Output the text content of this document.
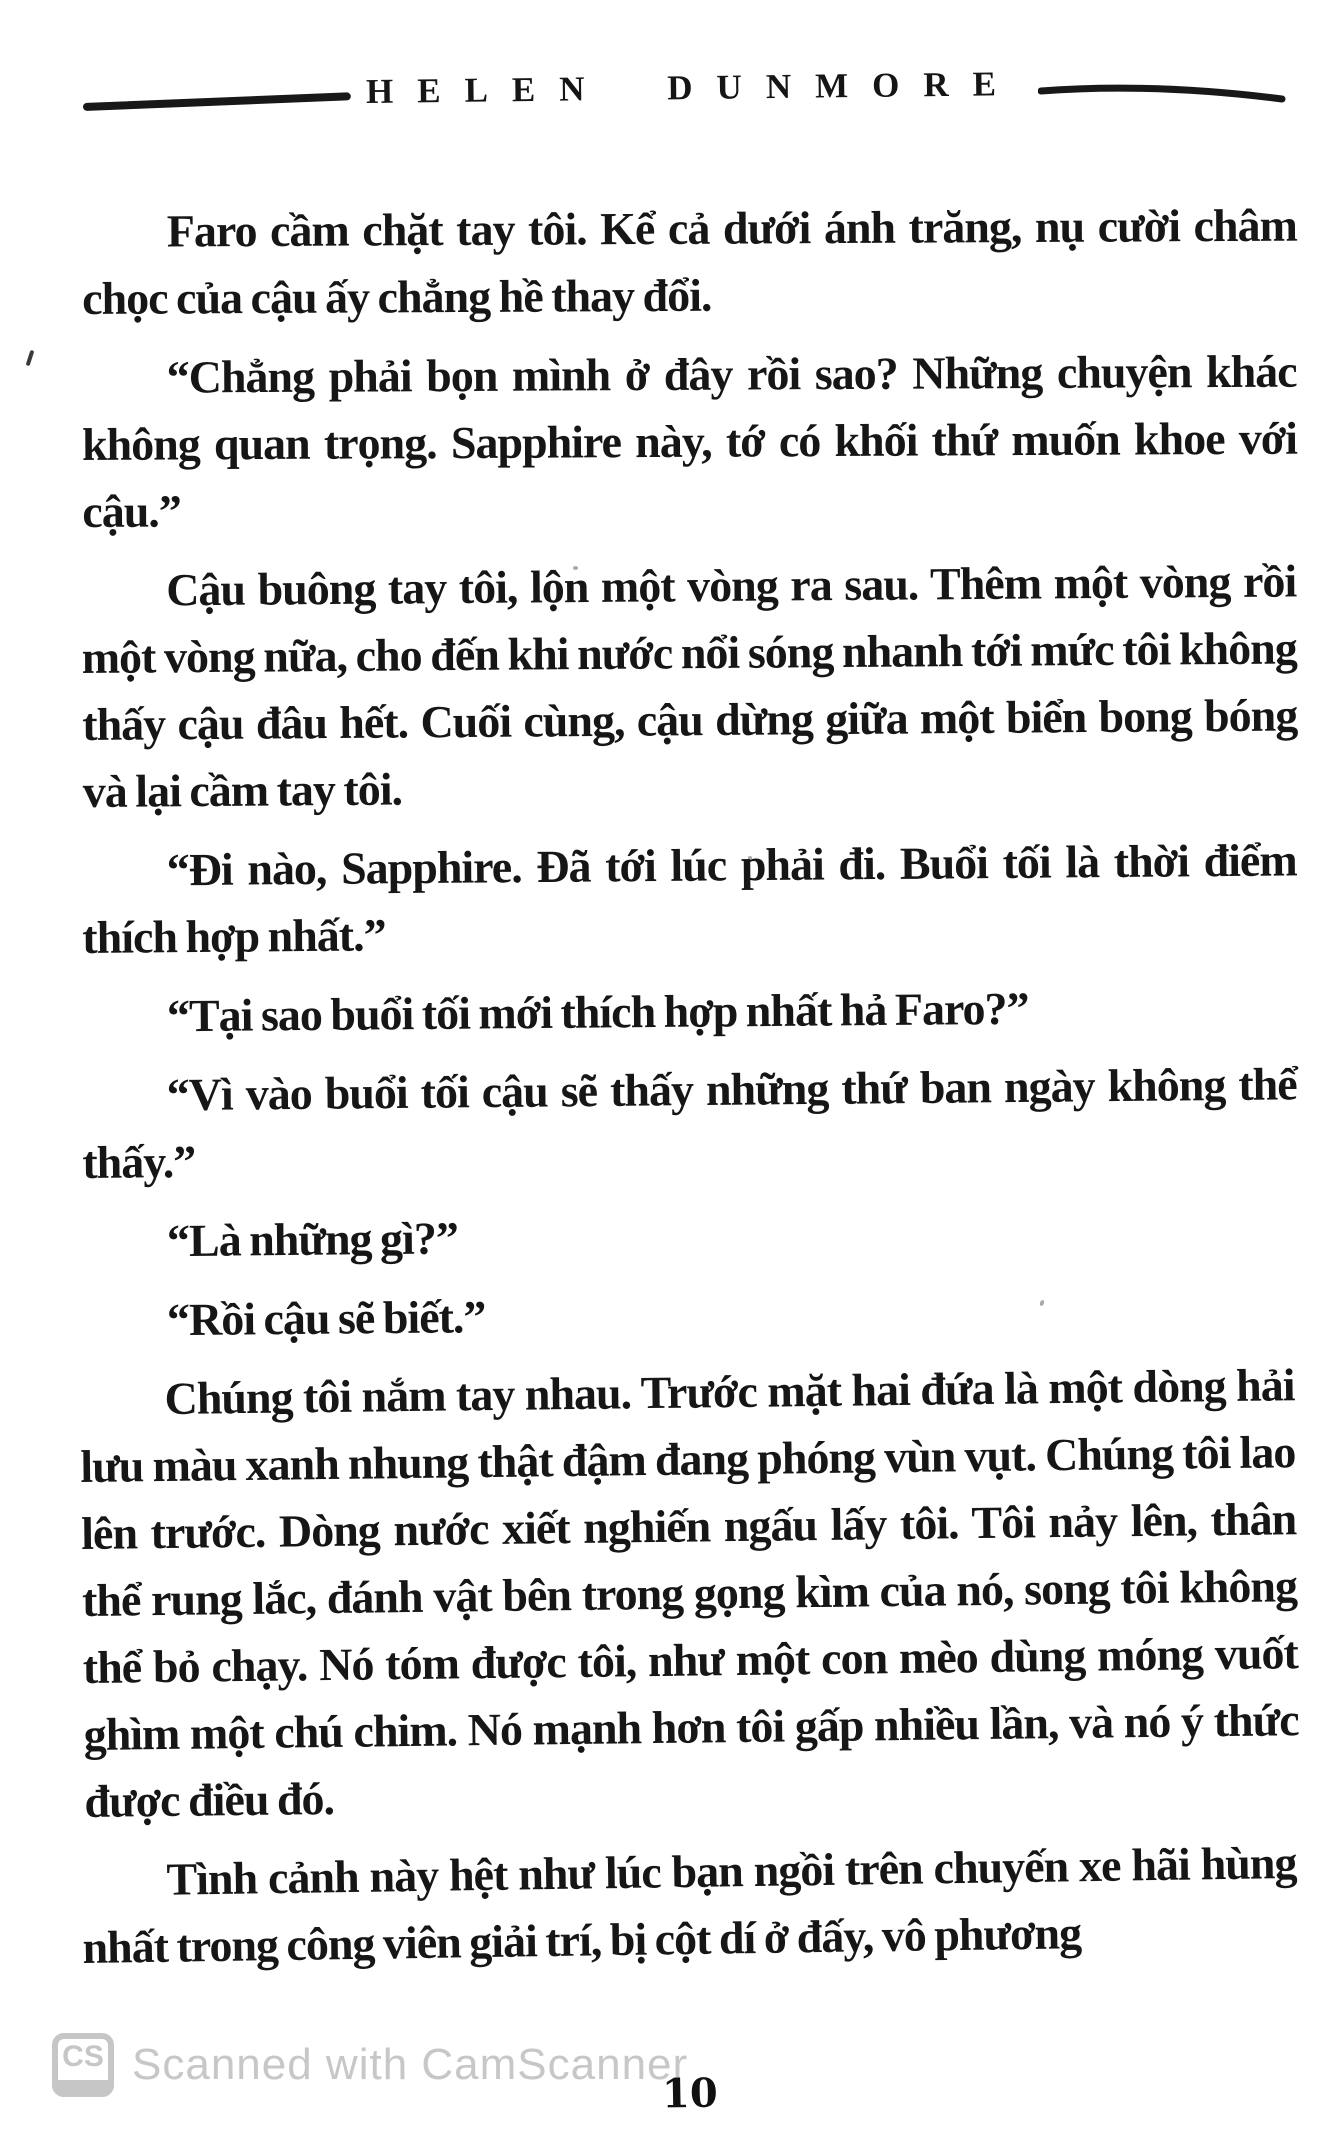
HELEN DUNMORE

Faro cầm chặt tay tôi. Kể cả dưới ánh trăng, nụ cười châm chọc của cậu ấy chẳng hề thay đổi.

“Chẳng phải bọn mình ở đây rồi sao? Những chuyện khác không quan trọng. Sapphire này, tớ có khối thứ muốn khoe với cậu.”

Cậu buông tay tôi, lộn một vòng ra sau. Thêm một vòng rồi một vòng nữa, cho đến khi nước nổi sóng nhanh tới mức tôi không thấy cậu đâu hết. Cuối cùng, cậu dừng giữa một biển bong bóng và lại cầm tay tôi.

“Đi nào, Sapphire. Đã tới lúc phải đi. Buổi tối là thời điểm thích hợp nhất.”

“Tại sao buổi tối mới thích hợp nhất hả Faro?”

“Vì vào buổi tối cậu sẽ thấy những thứ ban ngày không thể thấy.”

“Là những gì?”

“Rồi cậu sẽ biết.”

Chúng tôi nắm tay nhau. Trước mặt hai đứa là một dòng hải lưu màu xanh nhung thật đậm đang phóng vùn vụt. Chúng tôi lao lên trước. Dòng nước xiết nghiến ngấu lấy tôi. Tôi nảy lên, thân thể rung lắc, đánh vật bên trong gọng kìm của nó, song tôi không thể bỏ chạy. Nó tóm được tôi, như một con mèo dùng móng vuốt ghìm một chú chim. Nó mạnh hơn tôi gấp nhiều lần, và nó ý thức được điều đó.

Tình cảnh này hệt như lúc bạn ngồi trên chuyến xe hãi hùng nhất trong công viên giải trí, bị cột dí ở đấy, vô phương

CS Scanned with CamScanner
10
